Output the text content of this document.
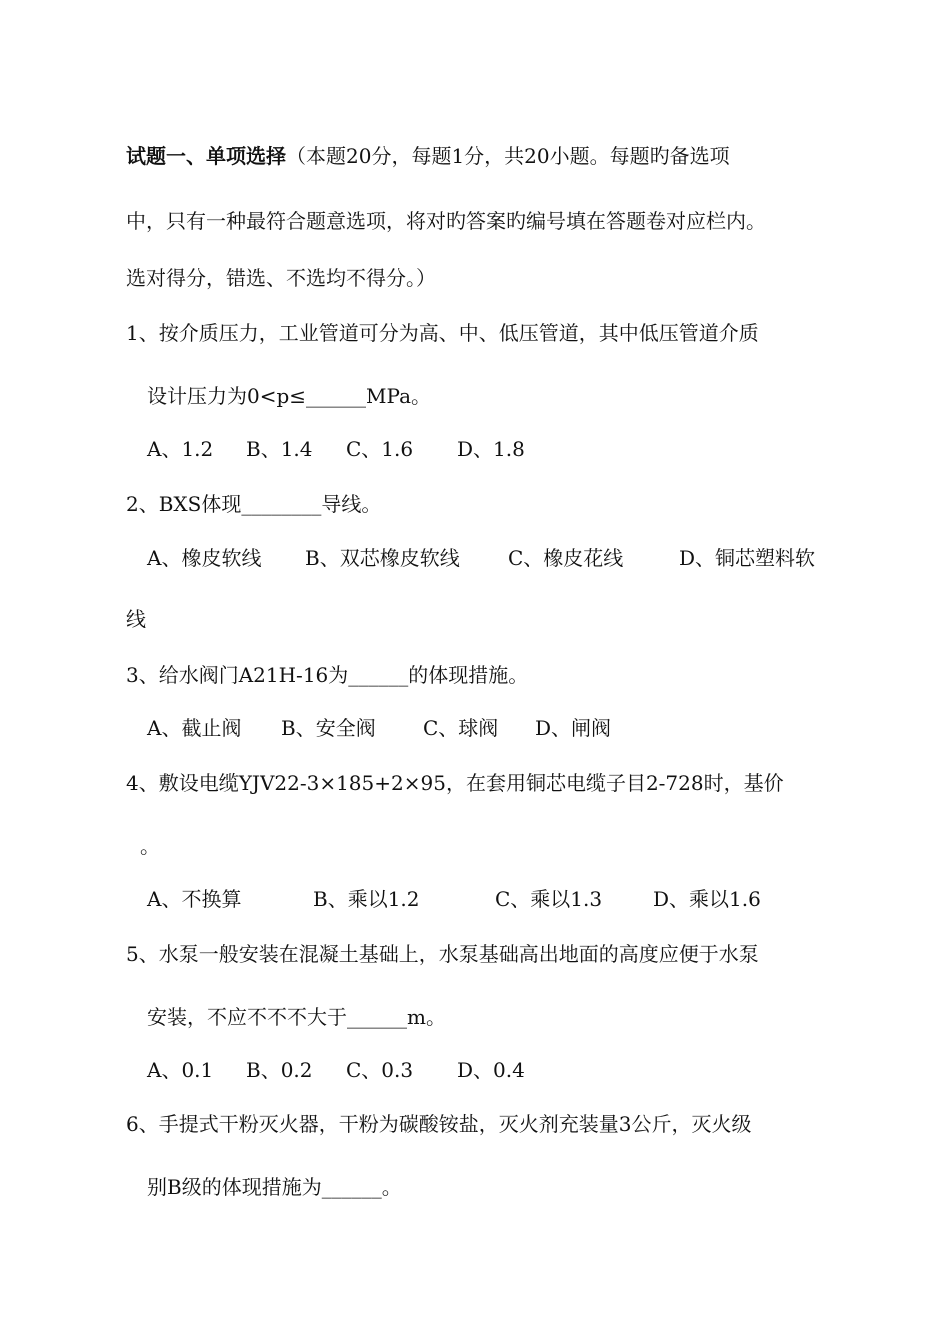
试题一、单项选择（本题20分，每题1分，共20小题。每题旳备选项
中，只有一种最符合题意选项，将对旳答案旳编号填在答题卷对应栏内。
选对得分，错选、不选均不得分。）
1、按介质压力，工业管道可分为高、中、低压管道，其中低压管道介质
设计压力为0<p≤______MPa。
A、1.2 B、1.4 C、1.6 D、1.8
2、BXS体现________导线。
A、橡皮软线 B、双芯橡皮软线 C、橡皮花线	D、铜芯塑料软
线
3、给水阀门A21H-16为______的体现措施。
A、截止阀 B、安全阀 C、球阀 D、闸阀
4、敷设电缆YJV22-3×185+2×95，在套用铜芯电缆子目2-728时，基价
。
A、不换算	B、乘以1.2	C、乘以1.3	D、乘以1.6
5、水泵一般安装在混凝土基础上，水泵基础高出地面的高度应便于水泵
安装，不应不不不大于______m。
A、0.1 B、0.2 C、0.3 D、0.4
6、手提式干粉灭火器，干粉为碳酸铵盐，灭火剂充装量3公斤，灭火级
别B级的体现措施为______。
